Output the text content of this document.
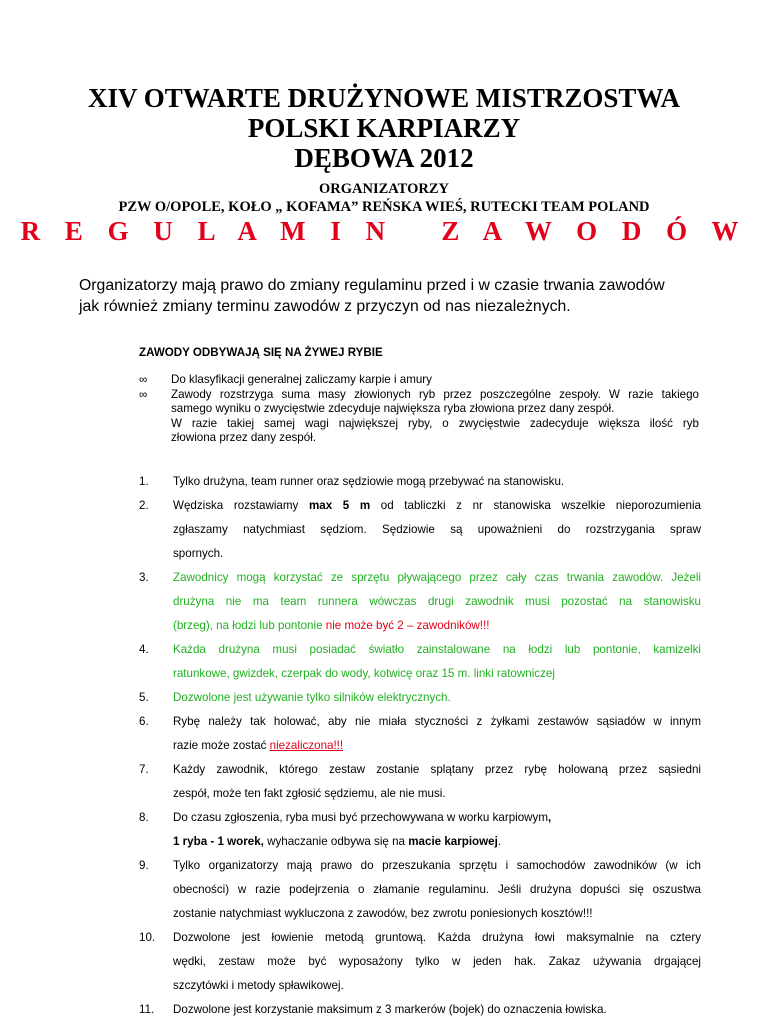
XIV OTWARTE DRUŻYNOWE MISTRZOSTWA
POLSKI KARPIARZY
DĘBOWA 2012
ORGANIZATORZY
PZW O/OPOLE, KOŁO „ KOFAMA” REŃSKA WIEŚ, RUTECKI TEAM POLAND
R E G U L A M I N   Z A W O D Ó W
Organizatorzy mają prawo do zmiany regulaminu przed i w czasie trwania zawodów
jak również zmiany terminu zawodów z przyczyn od nas niezależnych.
ZAWODY ODBYWAJĄ SIĘ NA ŻYWEJ RYBIE
∞ Do klasyfikacji generalnej zaliczamy karpie i amury
∞ Zawody rozstrzyga suma masy złowionych ryb przez poszczególne zespoły. W razie takiego
samego wyniku o zwycięstwie zdecyduje największa ryba złowiona przez dany zespół.
W razie takiej samej wagi największej ryby, o zwycięstwie zadecyduje większa ilość ryb
złowiona przez dany zespół.
1. Tylko drużyna, team runner oraz sędziowie mogą przebywać na stanowisku.
2. Wędziska rozstawiamy max 5 m od tabliczki z nr stanowiska wszelkie nieporozumienia
zgłaszamy natychmiast sędziom. Sędziowie są upoważnieni do rozstrzygania spraw
spornych.
3. Zawodnicy mogą korzystać ze sprzętu pływającego przez cały czas trwania zawodów. Jeżeli
drużyna nie ma team runnera wówczas drugi zawodnik musi pozostać na stanowisku
(brzeg), na łodzi lub pontonie nie może być 2 – zawodników!!!
4. Każda drużyna musi posiadać światło zainstalowane na łodzi lub pontonie, kamizelki
ratunkowe, gwizdek, czerpak do wody, kotwicę oraz 15 m. linki ratowniczej
5. Dozwolone jest używanie tylko silników elektrycznych.
6. Rybę należy tak holować, aby nie miała styczności z żyłkami zestawów sąsiadów w innym
razie może zostać niezaliczona!!!
7. Każdy zawodnik, którego zestaw zostanie splątany przez rybę holowaną przez sąsiedni
zespół, może ten fakt zgłosić sędziemu, ale nie musi.
8. Do czasu zgłoszenia, ryba musi być przechowywana w worku karpiowym,
1 ryba - 1 worek, wyhaczanie odbywa się na macie karpiowej.
9. Tylko organizatorzy mają prawo do przeszukania sprzętu i samochodów zawodników (w ich
obecności) w razie podejrzenia o złamanie regulaminu. Jeśli drużyna dopuści się oszustwa
zostanie natychmiast wykluczona z zawodów, bez zwrotu poniesionych kosztów!!!
10. Dozwolone jest łowienie metodą gruntową. Każda drużyna łowi maksymalnie na cztery
wędki, zestaw może być wyposażony tylko w jeden hak. Zakaz używania drgającej
szczytówki i metody spławikowej.
11. Dozwolone jest korzystanie maksimum z 3 markerów (bojek) do oznaczenia łowiska.
